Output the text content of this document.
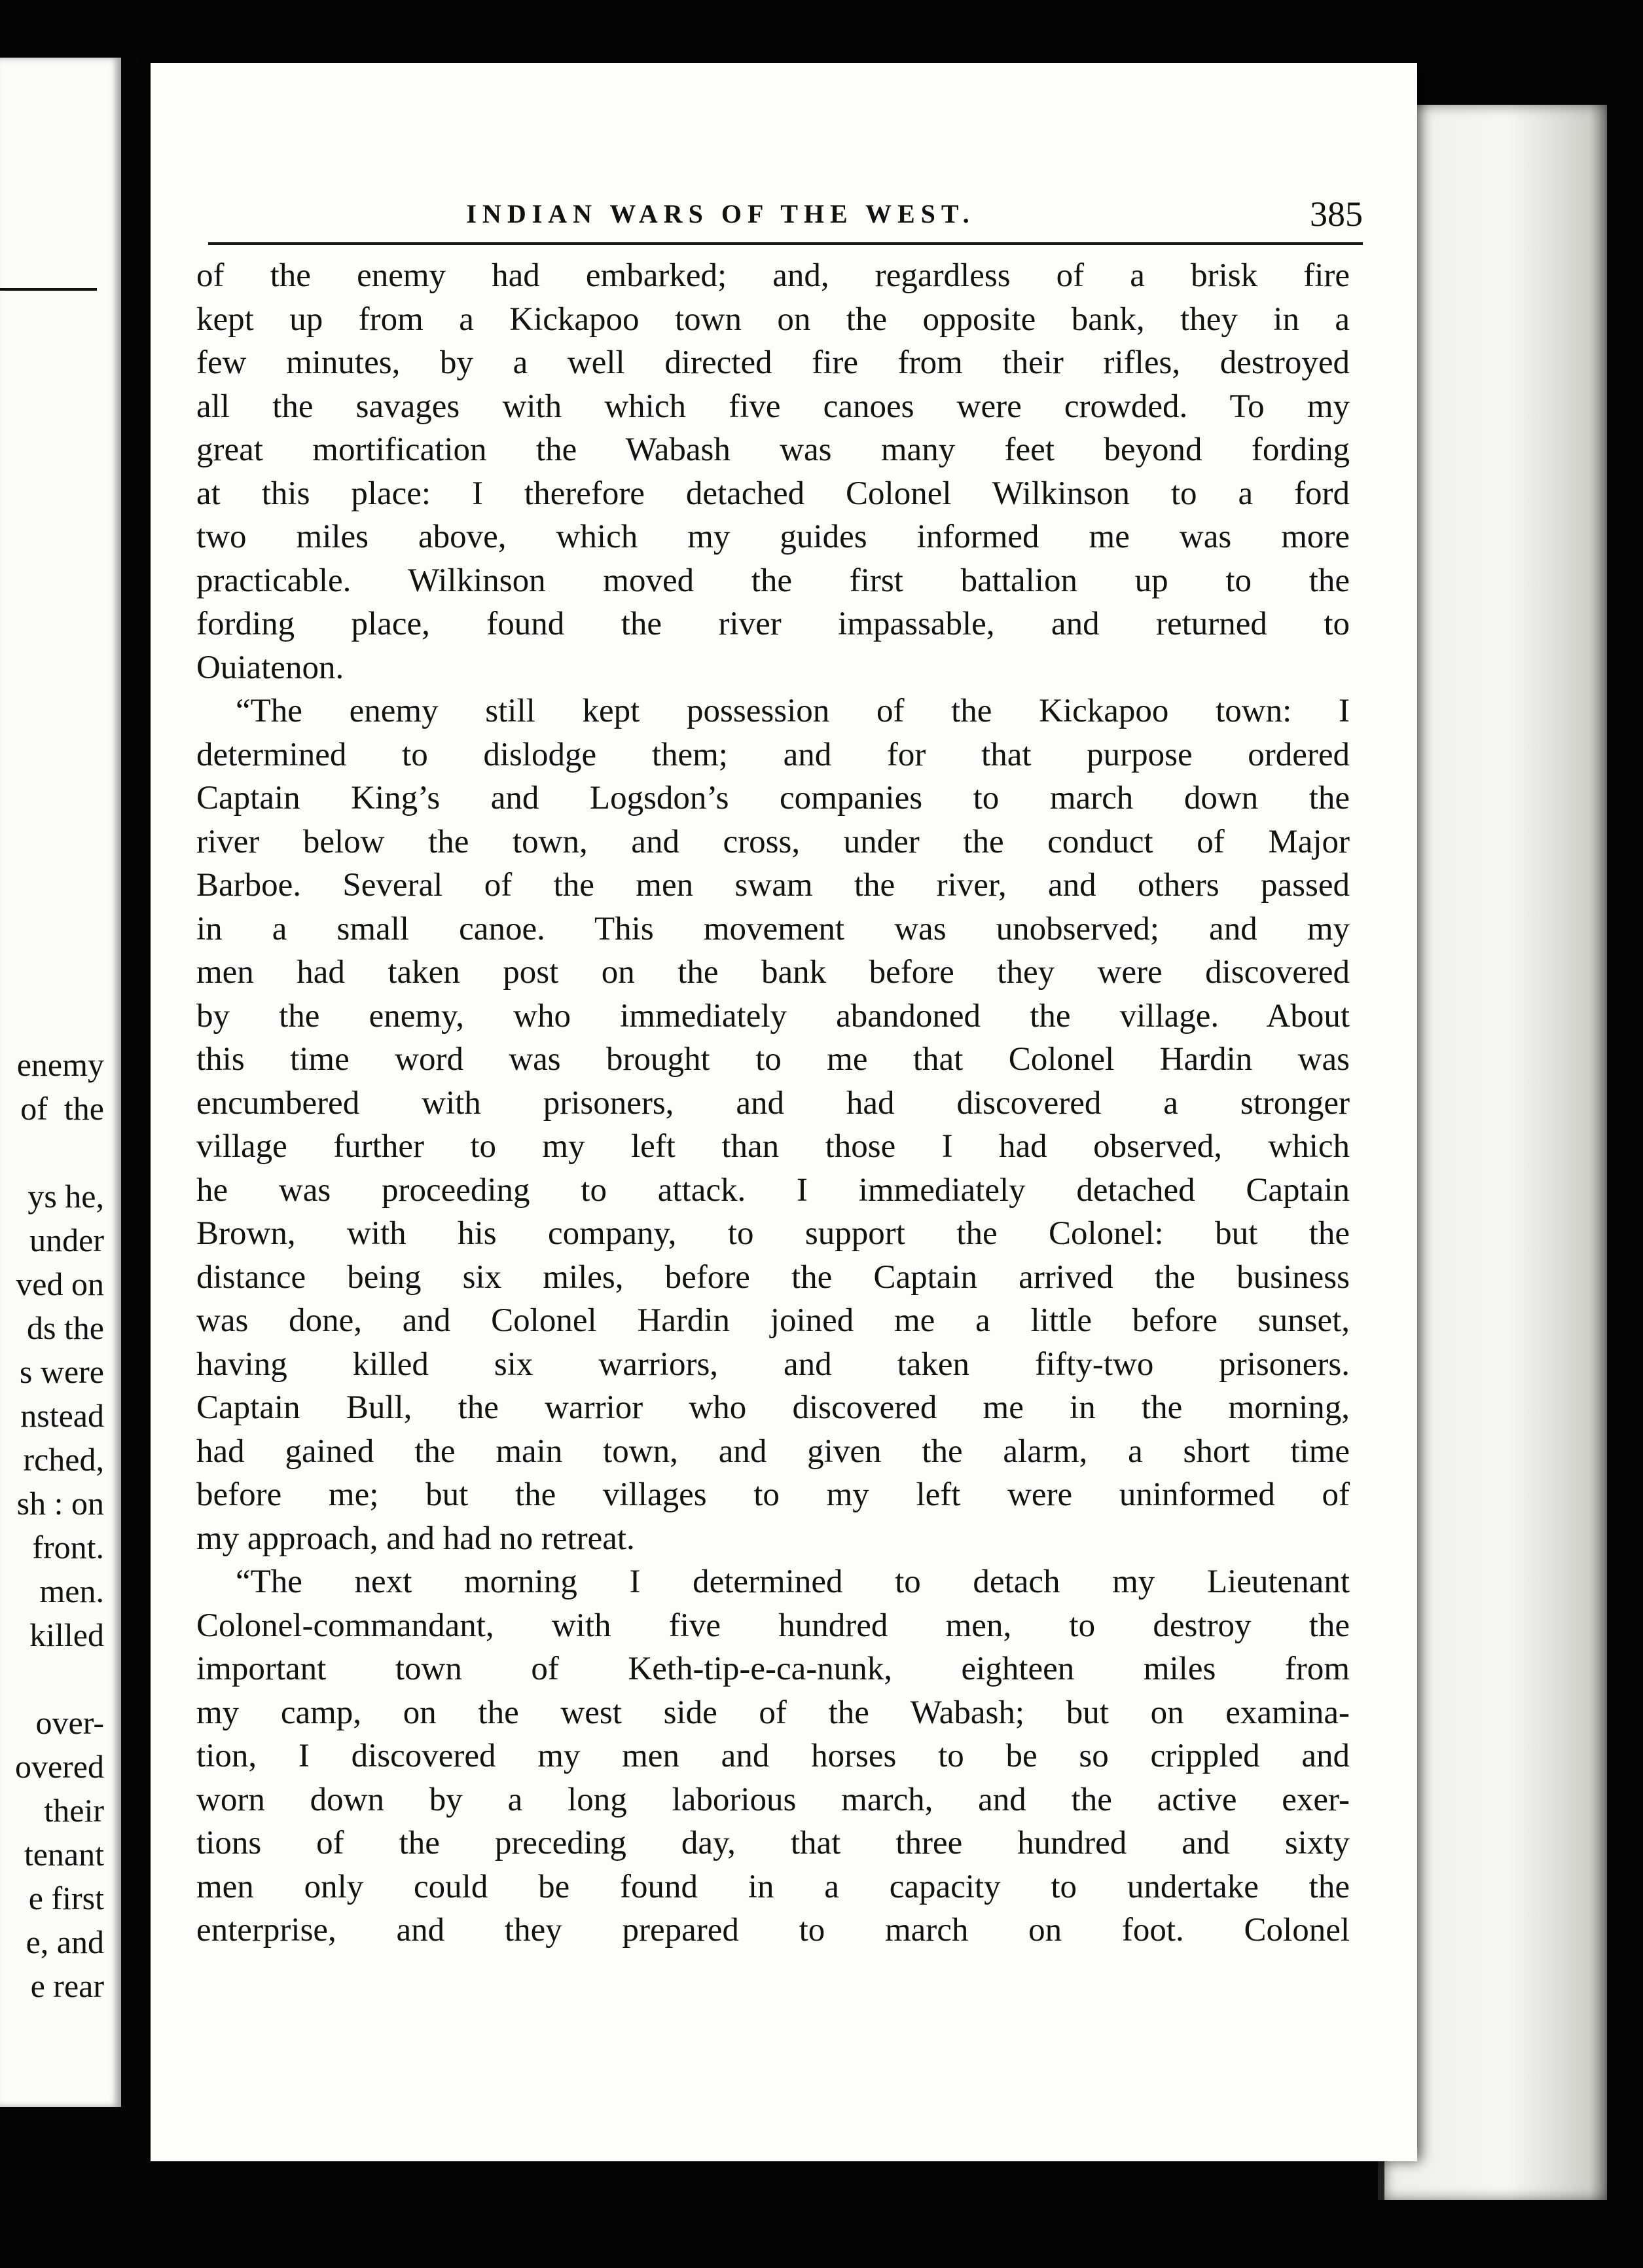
enemy
of  the
ys he,
under
ved on
ds the
s were
nstead
rched,
sh : on
front.
men.
killed
over-
overed
their
tenant
e first
e, and
e rear
INDIAN WARS OF THE WEST.	385
of the enemy had embarked; and, regardless of a brisk fire
kept up from a Kickapoo town on the opposite bank, they in a
few minutes, by a well directed fire from their rifles, destroyed
all the savages with which five canoes were crowded. To my
great mortification the Wabash was many feet beyond fording
at this place: I therefore detached Colonel Wilkinson to a ford
two miles above, which my guides informed me was more
practicable. Wilkinson moved the first battalion up to the
fording place, found the river impassable, and returned to
Ouiatenon.
“The enemy still kept possession of the Kickapoo town: I
determined to dislodge them; and for that purpose ordered
Captain King’s and Logsdon’s companies to march down the
river below the town, and cross, under the conduct of Major
Barboe. Several of the men swam the river, and others passed
in a small canoe. This movement was unobserved; and my
men had taken post on the bank before they were discovered
by the enemy, who immediately abandoned the village. About
this time word was brought to me that Colonel Hardin was
encumbered with prisoners, and had discovered a stronger
village further to my left than those I had observed, which
he was proceeding to attack. I immediately detached Captain
Brown, with his company, to support the Colonel: but the
distance being six miles, before the Captain arrived the business
was done, and Colonel Hardin joined me a little before sunset,
having killed six warriors, and taken fifty-two prisoners.
Captain Bull, the warrior who discovered me in the morning,
had gained the main town, and given the alarm, a short time
before me; but the villages to my left were uninformed of
my approach, and had no retreat.
“The next morning I determined to detach my Lieutenant
Colonel-commandant, with five hundred men, to destroy the
important town of Keth-tip-e-ca-nunk, eighteen miles from
my camp, on the west side of the Wabash; but on examina-
tion, I discovered my men and horses to be so crippled and
worn down by a long laborious march, and the active exer-
tions of the preceding day, that three hundred and sixty
men only could be found in a capacity to undertake the
enterprise, and they prepared to march on foot. Colonel
